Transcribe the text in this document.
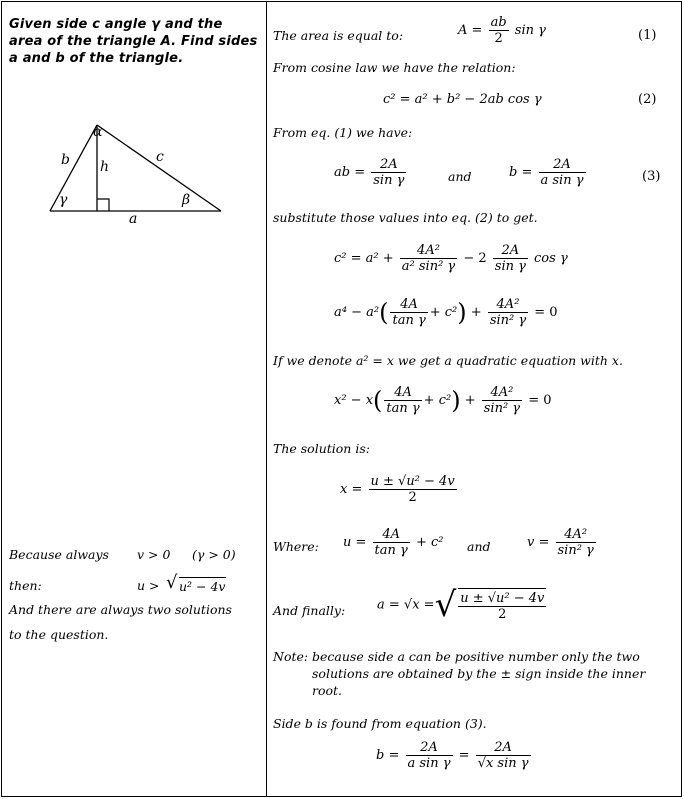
Given side c angle γ and the area of the triangle A. Find sides a and b of the triangle.
α
b h
c
γ	β
a
Because always v > 0 (γ > 0)
then:	u > √ u² − 4v
And there are always two solutions
to the question.
The area is equal to:	$A = \frac{ab}{2}$ sin γ	(1)
From cosine law we have the relation:
c² = a² + b² − 2ab cos γ	(2)
From eq. (1) we have:
ab = $\frac{2A}{\text{sin γ}}$	and	$b = \frac{2A}{\text{a sin γ}}$	(3)
substitute those values into eq. (2) to get.
$c^2 = a^2 + \frac{\text{4A²}}{\text{a² sin² γ}} - 2 \frac{2A}{\text{sin γ}}$ cos γ
$a^4 - a^2( \frac{4A}{\text{tan γ}} + c^2) + \frac{\text{4A²}}{\text{sin² γ}} = 0$
If we denote a² = x we get a quadratic equation with x.
$x^2 - x( \frac{4A}{\text{tan γ}} + c^2) + \frac{\text{4A²}}{\text{sin² γ}} = 0$
The solution is:
$x = \frac{\text{u ± √u² − 4v}}{2}$
Where: $u = \frac{4A}{\text{tan γ}} + c^2$ and	$v = \frac{\text{4A²}}{\text{sin² γ}}$
And finally: a = √x =√ $\frac{\text{u ± √u² − 4v}}{2}$
Note: because side a can be positive number only the two solutions are obtained by the ± sign inside the inner root.
Side b is found from equation (3).
$b = \frac{2A}{\text{a sin γ}} = \frac{2A}{\text{√x sin γ}}$
